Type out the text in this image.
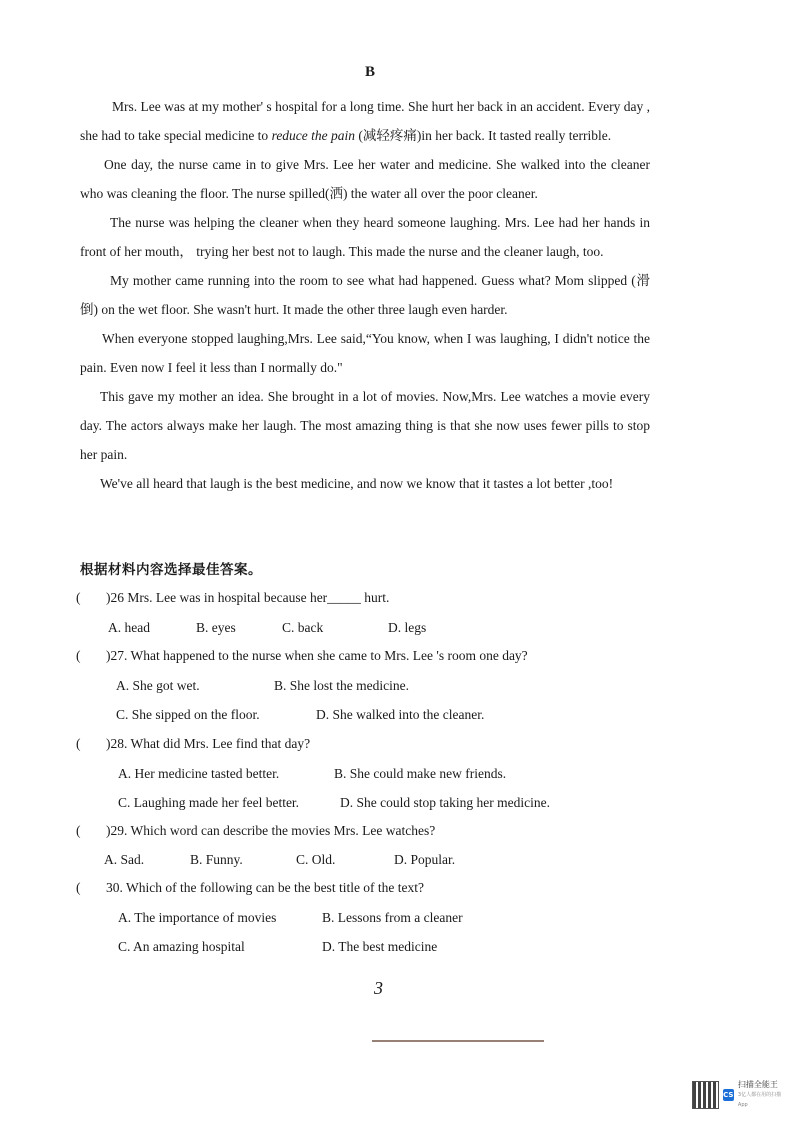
B

Mrs. Lee was at my mother' s hospital for a long time. She hurt her back in an accident. Every day , she had to take special medicine to reduce the pain (减轻疼痛)in her back. It tasted really terrible.

One day, the nurse came in to give Mrs. Lee her water and medicine. She walked into the cleaner who was cleaning the floor. The nurse spilled(洒) the water all over the poor cleaner.

The nurse was helping the cleaner when they heard someone laughing. Mrs. Lee had her hands in front of her mouth， trying her best not to laugh. This made the nurse and the cleaner laugh, too.

My mother came running into the room to see what had happened. Guess what? Mom slipped (滑倒) on the wet floor. She wasn't hurt. It made the other three laugh even harder.

When everyone stopped laughing,Mrs. Lee said,“You know, when I was laughing, I didn't notice the pain. Even now I feel it less than I normally do."

This gave my mother an idea. She brought in a lot of movies. Now,Mrs. Lee watches a movie every day. The actors always make her laugh. The most amazing thing is that she now uses fewer pills to stop her pain.

We've all heard that laugh is the best medicine, and now we know that it tastes a lot better ,too!

根据材料内容选择最佳答案。
( )26 Mrs. Lee was in hospital because her_____ hurt.
A. head	B. eyes	C. back	D. legs
( )27. What happened to the nurse when she came to Mrs. Lee 's room one day?
A. She got wet.	B. She lost the medicine.
C. She sipped on the floor.	D. She walked into the cleaner.
( )28. What did Mrs. Lee find that day?
A. Her medicine tasted better.	B. She could make new friends.
C. Laughing made her feel better.	D. She could stop taking her medicine.
( )29. Which word can describe the movies Mrs. Lee watches?
A. Sad.	B. Funny.	C. Old.	D. Popular.
( 30. Which of the following can be the best title of the text?
A. The importance of movies	B. Lessons from a cleaner
C. An amazing hospital	D. The best medicine
3
CS
扫描全能王
3亿人都在用的扫描App
